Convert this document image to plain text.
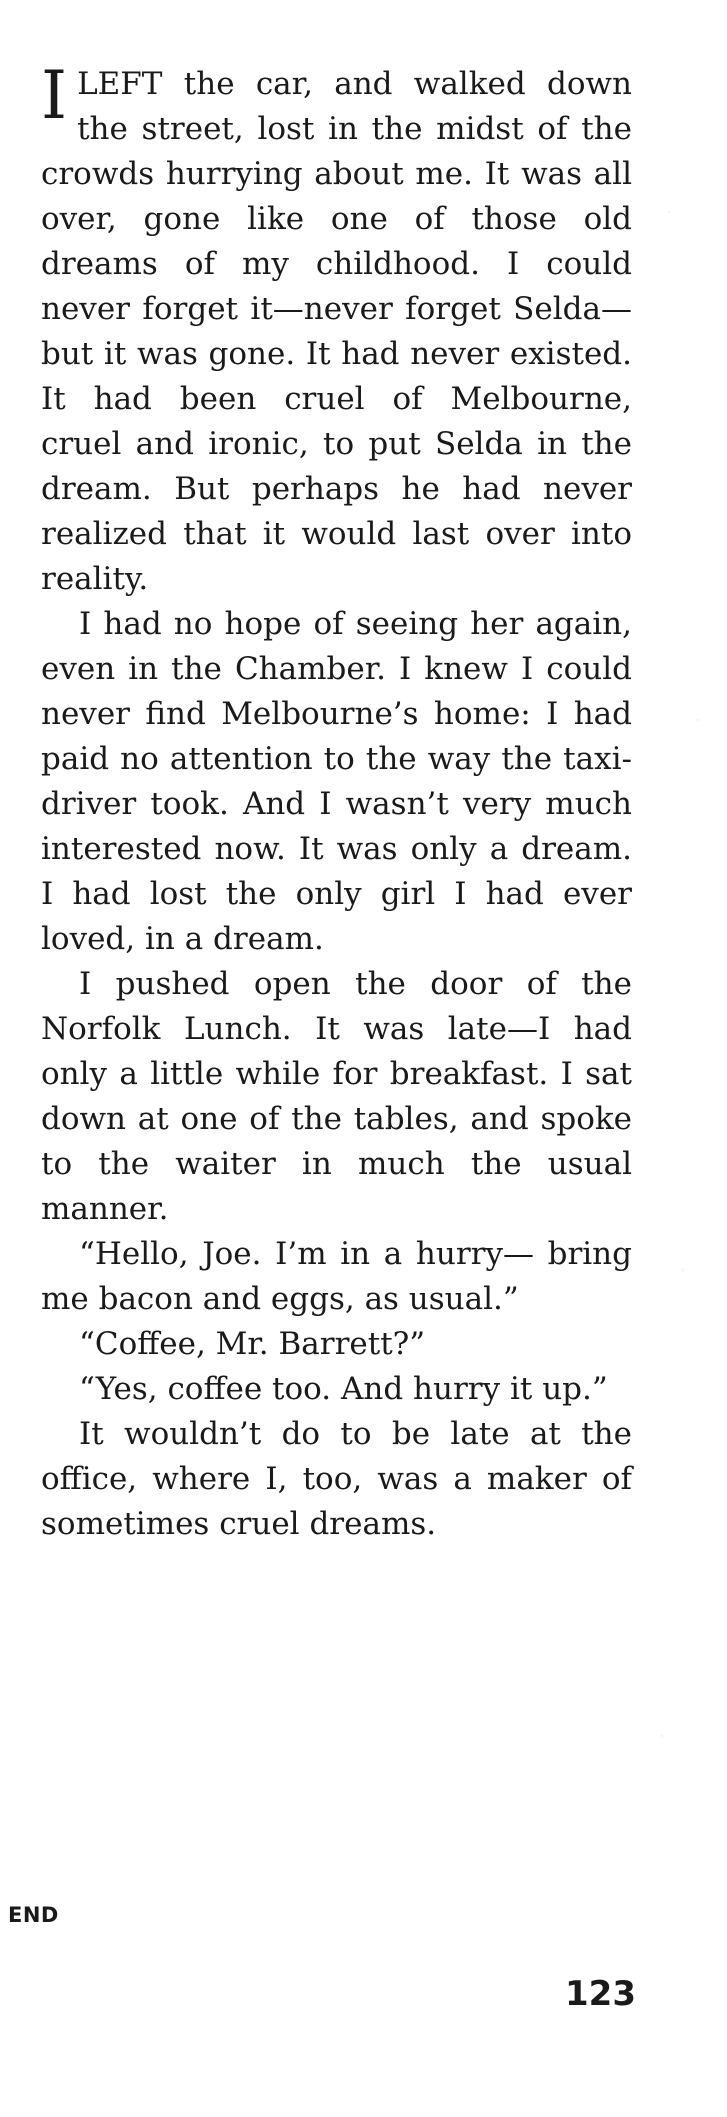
I LEFT the car, and walked down the street, lost in the midst of the crowds hurrying about me. It was all over, gone like one of those old dreams of my childhood. I could never forget it—never forget Selda—but it was gone. It had never existed. It had been cruel of Melbourne, cruel and ironic, to put Selda in the dream. But perhaps he had never realized that it would last over into reality.

I had no hope of seeing her again, even in the Chamber. I knew I could never find Melbourne’s home: I had paid no attention to the way the taxi-driver took. And I wasn’t very much interested now. It was only a dream. I had lost the only girl I had ever loved, in a dream.

I pushed open the door of the Norfolk Lunch. It was late—I had only a little while for breakfast. I sat down at one of the tables, and spoke to the waiter in much the usual manner.

“Hello, Joe. I’m in a hurry— bring me bacon and eggs, as usual.”

“Coffee, Mr. Barrett?”

“Yes, coffee too. And hurry it up.”

It wouldn’t do to be late at the office, where I, too, was a maker of sometimes cruel dreams.

END
123
